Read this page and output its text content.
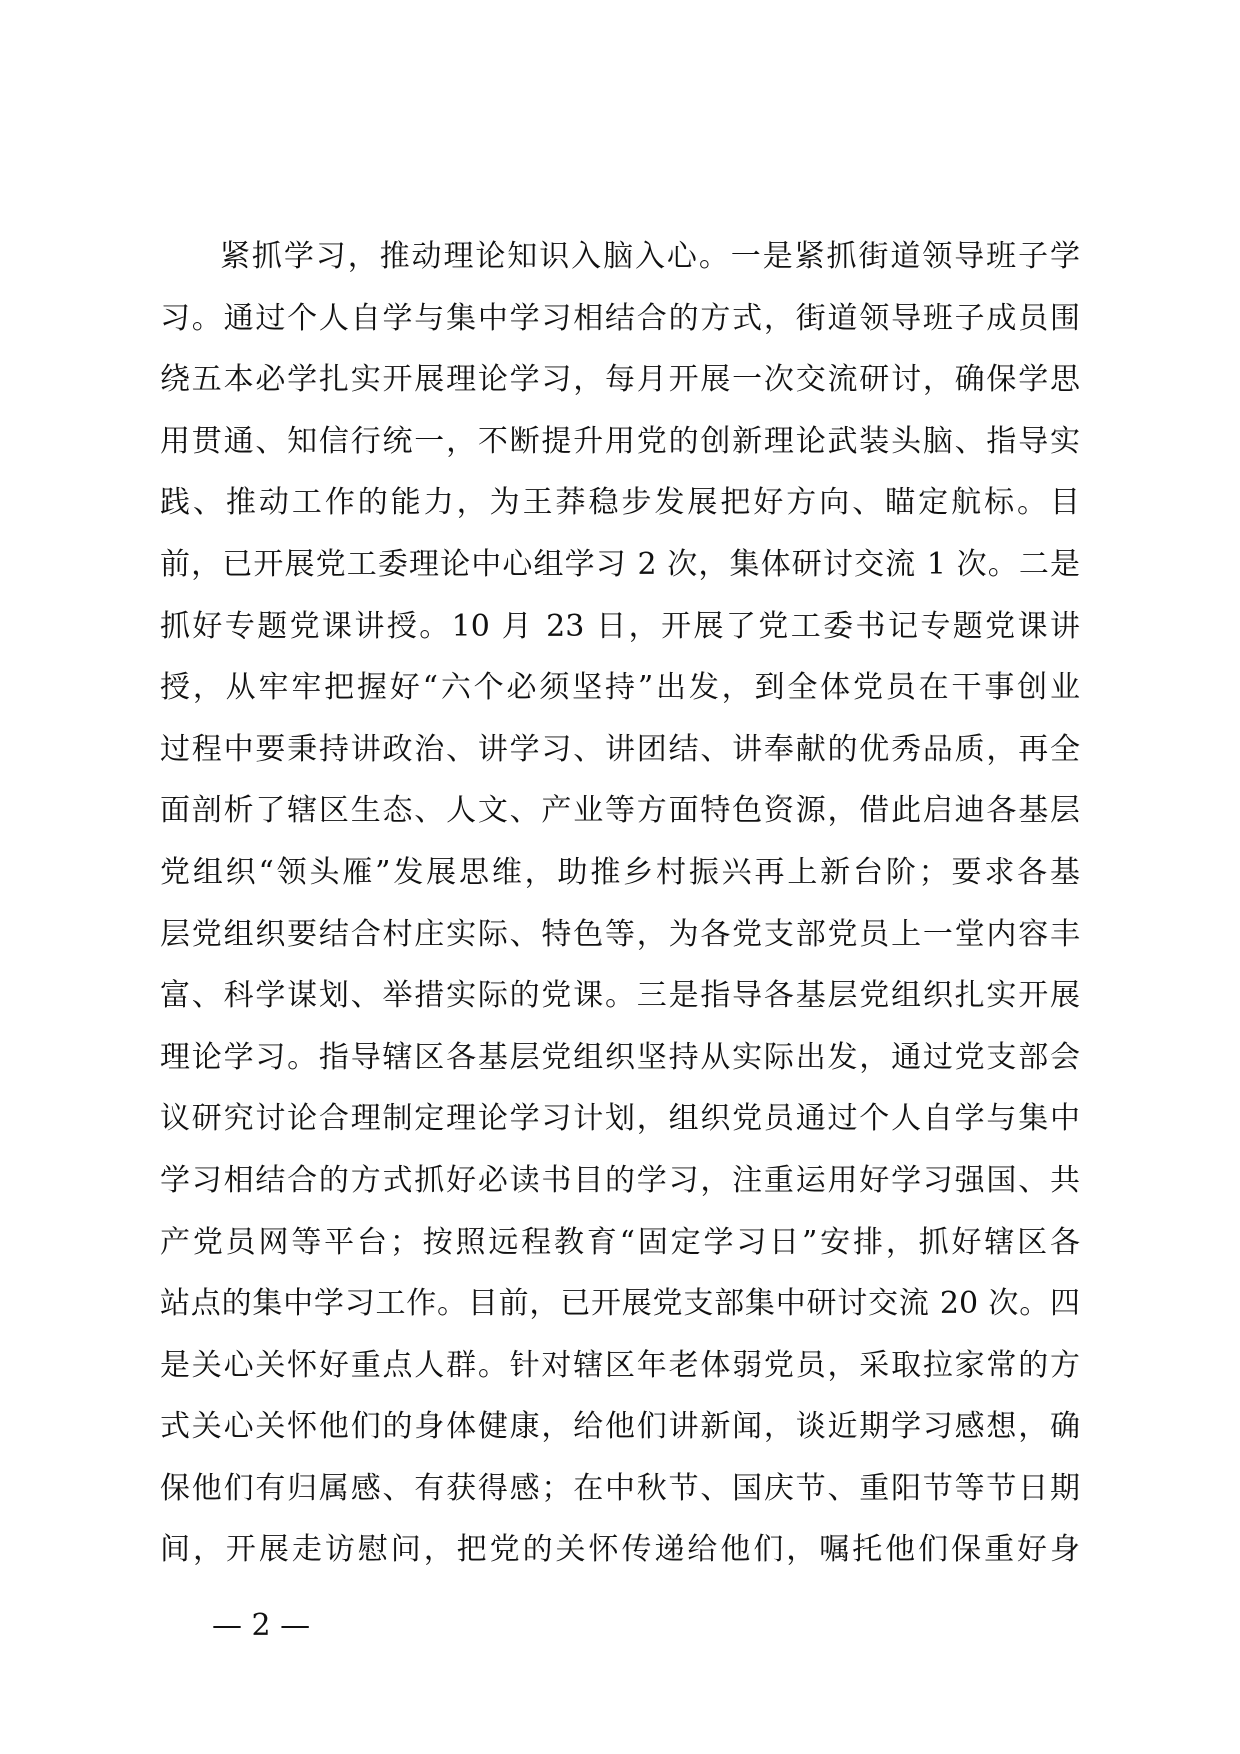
紧抓学习，推动理论知识入脑入心。一是紧抓街道领导班子学
习。通过个人自学与集中学习相结合的方式，街道领导班子成员围
绕五本必学扎实开展理论学习，每月开展一次交流研讨，确保学思
用贯通、知信行统一，不断提升用党的创新理论武装头脑、指导实
践、推动工作的能力，为王莽稳步发展把好方向、瞄定航标。目
前，已开展党工委理论中心组学习 2 次，集体研讨交流 1 次。二是
抓好专题党课讲授。10 月 23 日，开展了党工委书记专题党课讲
授，从牢牢把握好“六个必须坚持”出发，到全体党员在干事创业
过程中要秉持讲政治、讲学习、讲团结、讲奉献的优秀品质，再全
面剖析了辖区生态、人文、产业等方面特色资源，借此启迪各基层
党组织“领头雁”发展思维，助推乡村振兴再上新台阶；要求各基
层党组织要结合村庄实际、特色等，为各党支部党员上一堂内容丰
富、科学谋划、举措实际的党课。三是指导各基层党组织扎实开展
理论学习。指导辖区各基层党组织坚持从实际出发，通过党支部会
议研究讨论合理制定理论学习计划，组织党员通过个人自学与集中
学习相结合的方式抓好必读书目的学习，注重运用好学习强国、共
产党员网等平台；按照远程教育“固定学习日”安排，抓好辖区各
站点的集中学习工作。目前，已开展党支部集中研讨交流 20 次。四
是关心关怀好重点人群。针对辖区年老体弱党员，采取拉家常的方
式关心关怀他们的身体健康，给他们讲新闻，谈近期学习感想，确
保他们有归属感、有获得感；在中秋节、国庆节、重阳节等节日期
间，开展走访慰问，把党的关怀传递给他们，嘱托他们保重好身
— 2 —
